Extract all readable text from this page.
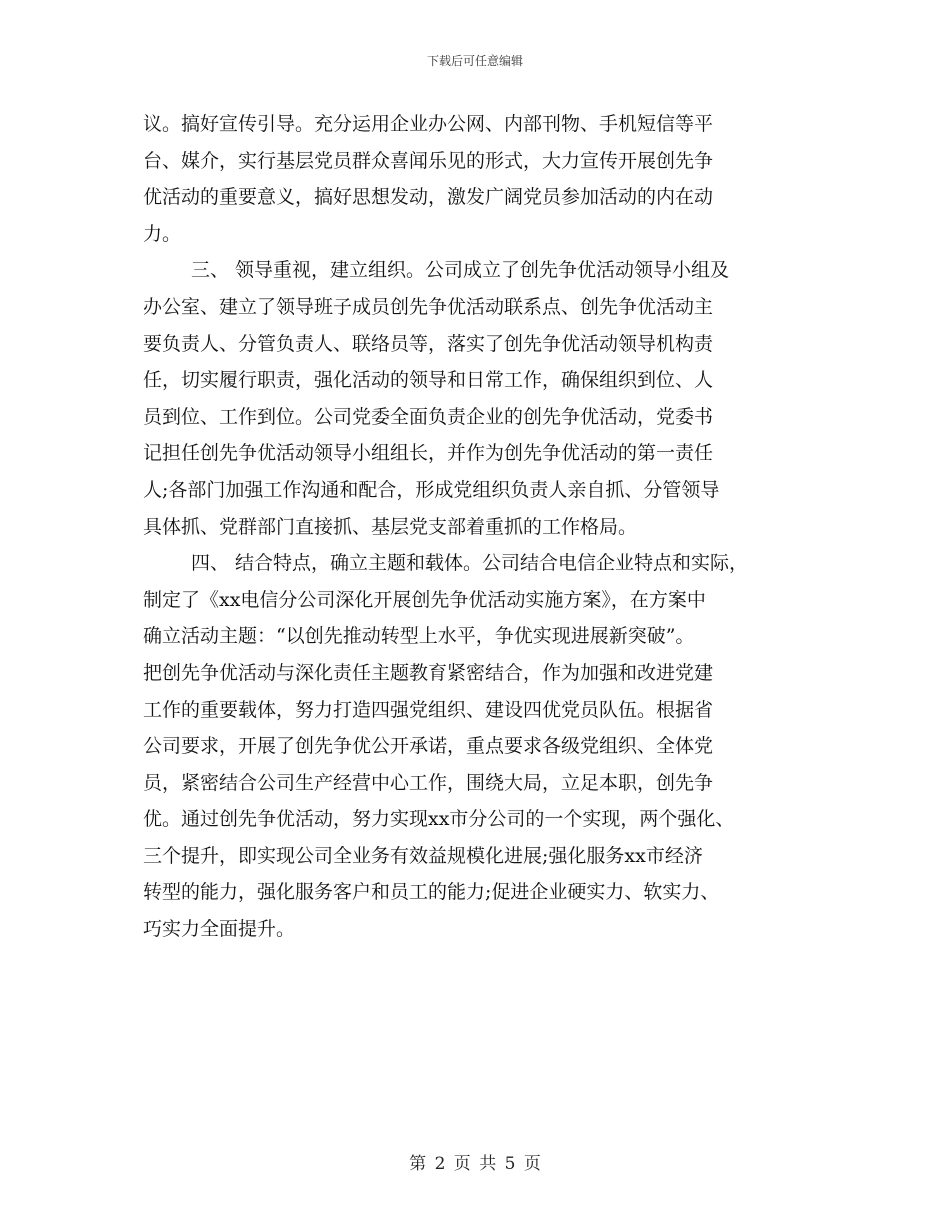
下载后可任意编辑
议。搞好宣传引导。充分运用企业办公网、内部刊物、手机短信等平
台、媒介，实行基层党员群众喜闻乐见的形式，大力宣传开展创先争
优活动的重要意义，搞好思想发动，激发广阔党员参加活动的内在动
力。
三、 领导重视，建立组织。公司成立了创先争优活动领导小组及
办公室、建立了领导班子成员创先争优活动联系点、创先争优活动主
要负责人、分管负责人、联络员等，落实了创先争优活动领导机构责
任，切实履行职责，强化活动的领导和日常工作，确保组织到位、人
员到位、工作到位。公司党委全面负责企业的创先争优活动，党委书
记担任创先争优活动领导小组组长，并作为创先争优活动的第一责任
人;各部门加强工作沟通和配合，形成党组织负责人亲自抓、分管领导
具体抓、党群部门直接抓、基层党支部着重抓的工作格局。
四、 结合特点，确立主题和载体。公司结合电信企业特点和实际，
制定了《xx电信分公司深化开展创先争优活动实施方案》，在方案中
确立活动主题：“以创先推动转型上水平，争优实现进展新突破”。
把创先争优活动与深化责任主题教育紧密结合，作为加强和改进党建
工作的重要载体，努力打造四强党组织、建设四优党员队伍。根据省
公司要求，开展了创先争优公开承诺，重点要求各级党组织、全体党
员，紧密结合公司生产经营中心工作，围绕大局，立足本职，创先争
优。通过创先争优活动，努力实现xx市分公司的一个实现，两个强化、
三个提升，即实现公司全业务有效益规模化进展;强化服务xx市经济
转型的能力，强化服务客户和员工的能力;促进企业硬实力、软实力、
巧实力全面提升。
第 2 页 共 5 页
